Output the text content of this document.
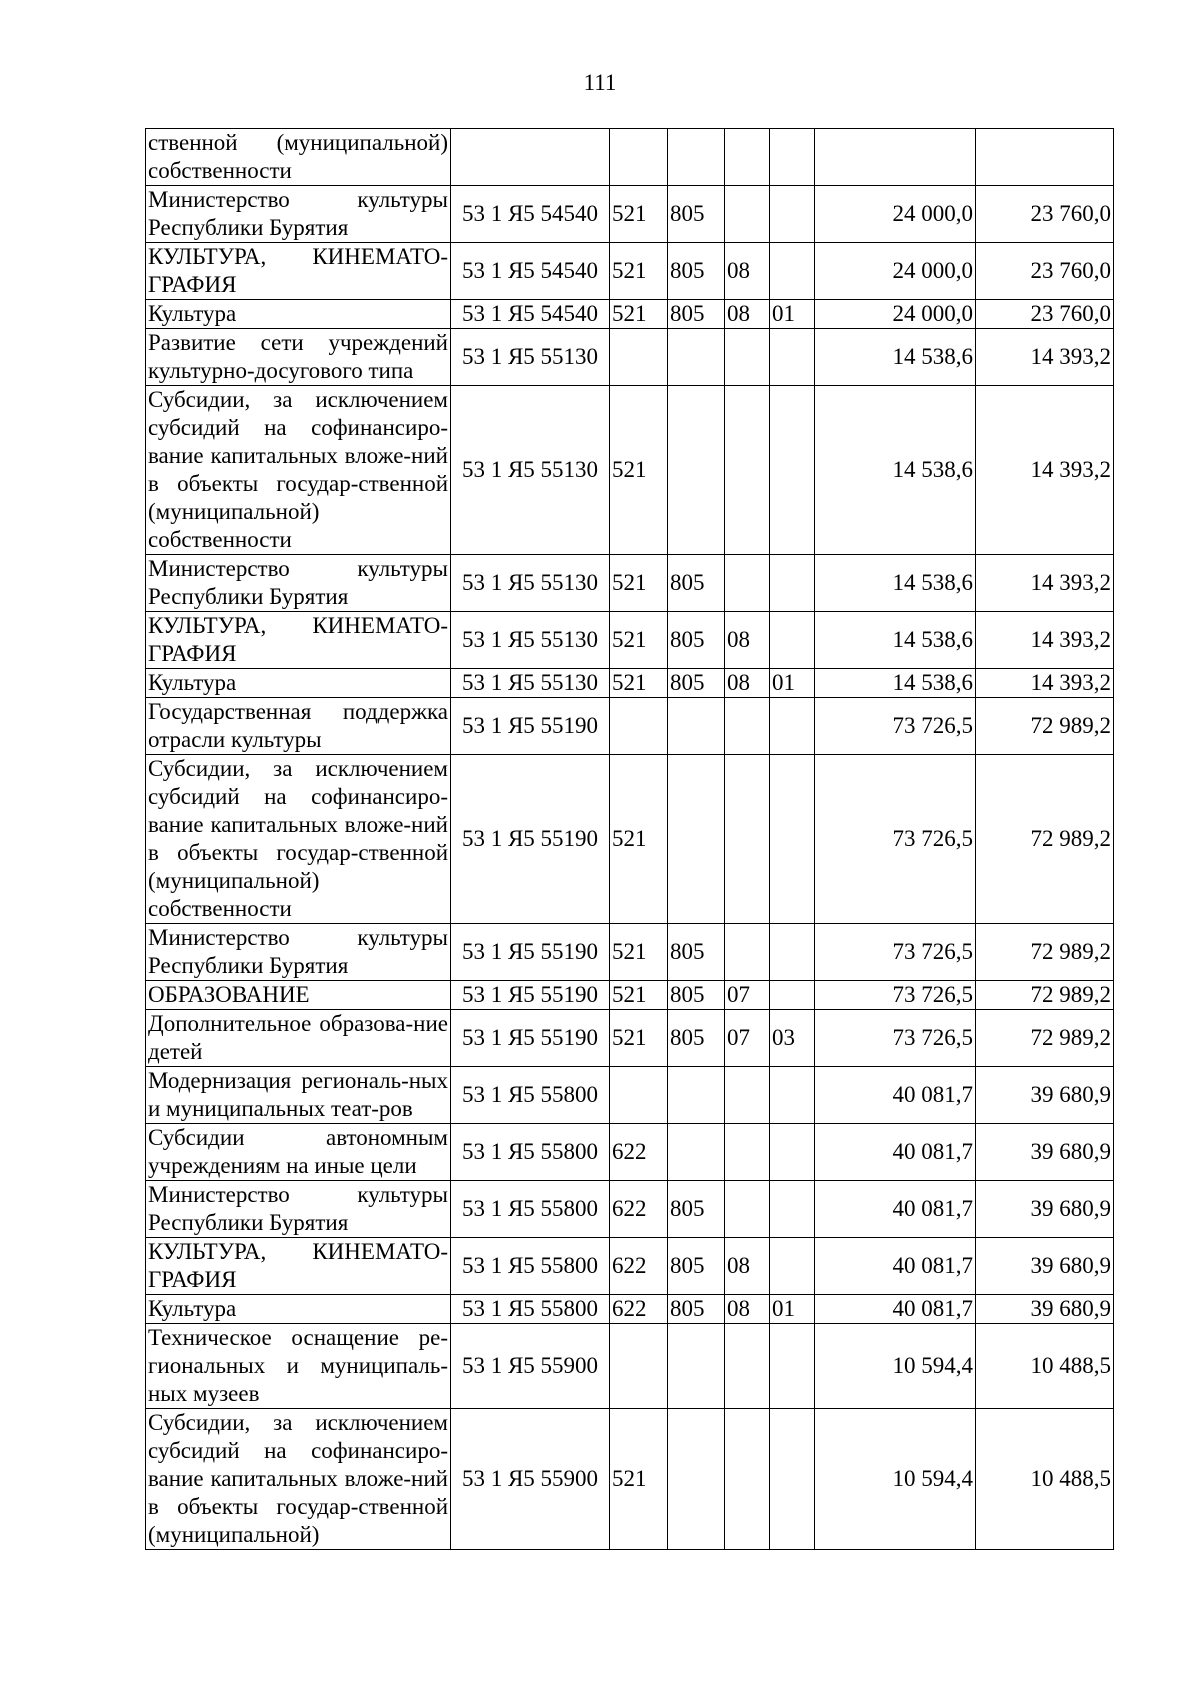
111
ственной (муниципальной) собственности							
Министерство культуры Республики Бурятия	53 1 Я5 54540	521	805			24 000,0	23 760,0
КУЛЬТУРА, КИНЕМАТО-ГРАФИЯ	53 1 Я5 54540	521	805	08		24 000,0	23 760,0
Культура	53 1 Я5 54540	521	805	08	01	24 000,0	23 760,0
Развитие сети учреждений культурно-досугового типа	53 1 Я5 55130					14 538,6	14 393,2
Субсидии, за исключением субсидий на софинансиро-вание капитальных вложе-ний в объекты государ-ственной (муниципальной) собственности	53 1 Я5 55130	521				14 538,6	14 393,2
Министерство культуры Республики Бурятия	53 1 Я5 55130	521	805			14 538,6	14 393,2
КУЛЬТУРА, КИНЕМАТО-ГРАФИЯ	53 1 Я5 55130	521	805	08		14 538,6	14 393,2
Культура	53 1 Я5 55130	521	805	08	01	14 538,6	14 393,2
Государственная поддержка отрасли культуры	53 1 Я5 55190					73 726,5	72 989,2
Субсидии, за исключением субсидий на софинансиро-вание капитальных вложе-ний в объекты государ-ственной (муниципальной) собственности	53 1 Я5 55190	521				73 726,5	72 989,2
Министерство культуры Республики Бурятия	53 1 Я5 55190	521	805			73 726,5	72 989,2
ОБРАЗОВАНИЕ	53 1 Я5 55190	521	805	07		73 726,5	72 989,2
Дополнительное образова-ние детей	53 1 Я5 55190	521	805	07	03	73 726,5	72 989,2
Модернизация региональ-ных и муниципальных теат-ров	53 1 Я5 55800					40 081,7	39 680,9
Субсидии автономным учреждениям на иные цели	53 1 Я5 55800	622				40 081,7	39 680,9
Министерство культуры Республики Бурятия	53 1 Я5 55800	622	805			40 081,7	39 680,9
КУЛЬТУРА, КИНЕМАТО-ГРАФИЯ	53 1 Я5 55800	622	805	08		40 081,7	39 680,9
Культура	53 1 Я5 55800	622	805	08	01	40 081,7	39 680,9
Техническое оснащение ре-гиональных и муниципаль-ных музеев	53 1 Я5 55900					10 594,4	10 488,5
Субсидии, за исключением субсидий на софинансиро-вание капитальных вложе-ний в объекты государ-ственной (муниципальной)	53 1 Я5 55900	521				10 594,4	10 488,5
